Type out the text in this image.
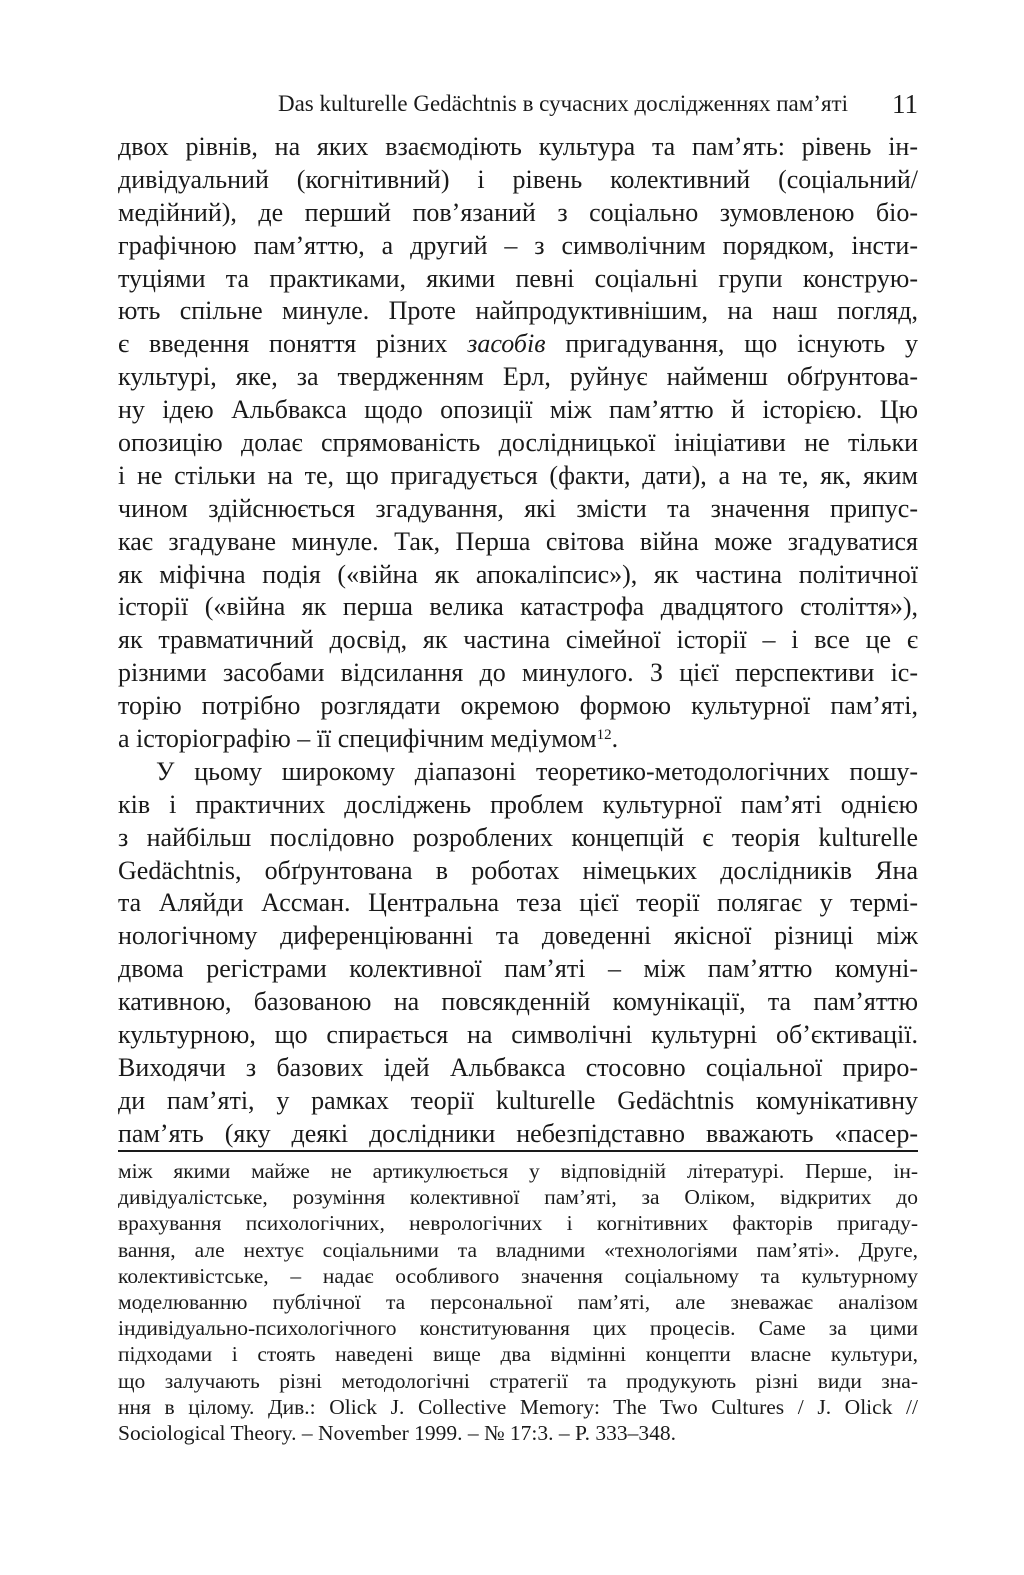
Das kulturelle Gedächtnis в сучасних дослідженнях пам’яті 11
двох рівнів, на яких взаємодіють культура та пам’ять: рівень ін-
дивідуальний (когнітивний) і рівень колективний (соціальний/
медійний), де перший пов’язаний з соціально зумовленою біо-
графічною пам’яттю, а другий – з символічним порядком, інсти-
туціями та практиками, якими певні соціальні групи конструю-
ють спільне минуле. Проте найпродуктивнішим, на наш погляд,
є введення поняття різних засобів пригадування, що існують у
культурі, яке, за твердженням Ерл, руйнує найменш обґрунтова-
ну ідею Альбвакса щодо опозиції між пам’яттю й історією. Цю
опозицію долає спрямованість дослідницької ініціативи не тільки
і не стільки на те, що пригадується (факти, дати), а на те, як, яким
чином здійснюється згадування, які змісти та значення припус-
кає згадуване минуле. Так, Перша світова війна може згадуватися
як міфічна подія («війна як апокаліпсис»), як частина політичної
історії («війна як перша велика катастрофа двадцятого століття»),
як травматичний досвід, як частина сімейної історії – і все це є
різними засобами відсилання до минулого. З цієї перспективи іс-
торію потрібно розглядати окремою формою культурної пам’яті,
а історіографію – її специфічним медіумом$^{12}$.
У цьому широкому діапазоні теоретико-методологічних пошу-
ків і практичних досліджень проблем культурної пам’яті однією
з найбільш послідовно розроблених концепцій є теорія kulturelle
Gedächtnis, обґрунтована в роботах німецьких дослідників Яна
та Аляйди Ассман. Центральна теза цієї теорії полягає у термі-
нологічному диференціюванні та доведенні якісної різниці між
двома регістрами колективної пам’яті – між пам’яттю комуні-
кативною, базованою на повсякденній комунікації, та пам’яттю
культурною, що спирається на символічні культурні об’єктивації.
Виходячи з базових ідей Альбвакса стосовно соціальної приро-
ди пам’яті, у рамках теорії kulturelle Gedächtnis комунікативну
пам’ять (яку деякі дослідники небезпідставно вважають «пасер-
між якими майже не артикулюється у відповідній літературі. Перше, ін-
дивідуалістське, розуміння колективної пам’яті, за Оліком, відкритих до
врахування психологічних, неврологічних і когнітивних факторів пригаду-
вання, але нехтує соціальними та владними «технологіями пам’яті». Друге,
колективістське, – надає особливого значення соціальному та культурному
моделюванню публічної та персональної пам’яті, але зневажає аналізом
індивідуально-психологічного конституювання цих процесів. Саме за цими
підходами і стоять наведені вище два відмінні концепти власне культури,
що залучають різні методологічні стратегії та продукують різні види зна-
ння в цілому. Див.: Olick J. Collective Memory: The Two Cultures / J. Olick //
Sociological Theory. – November 1999. – № 17:3. – P. 333–348.
